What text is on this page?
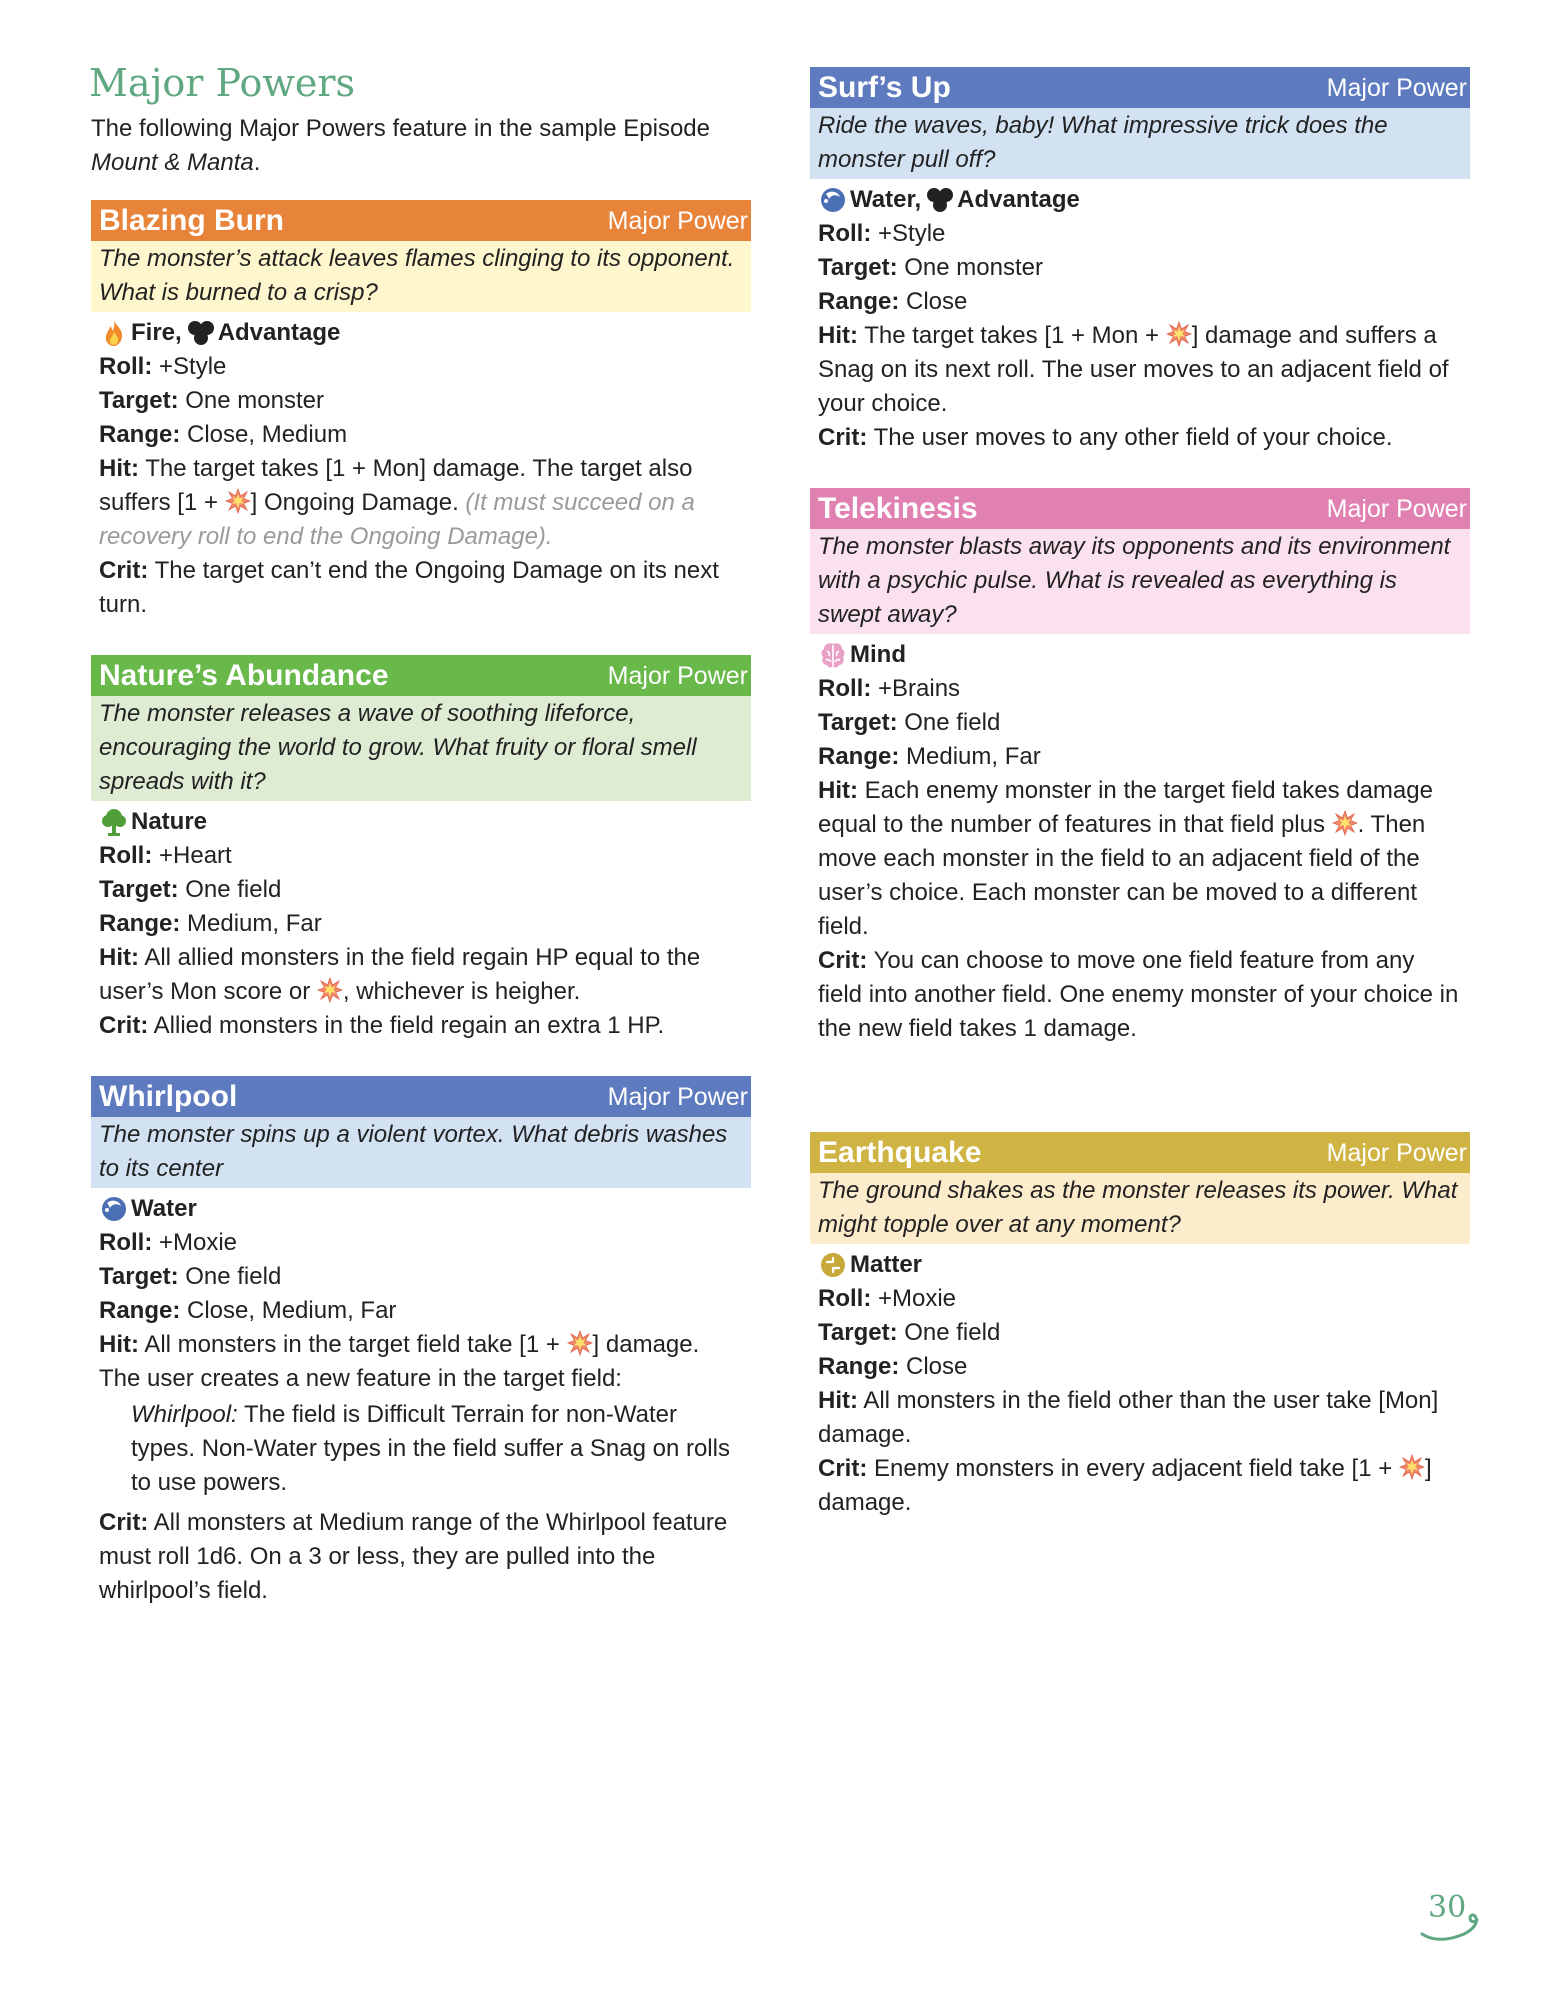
Major Powers

The following Major Powers feature in the sample Episode Mount & Manta.

Blazing Burn	Major Power
The monster’s attack leaves flames clinging to its opponent. What is burned to a crisp?
Fire, Advantage
Roll: +Style
Target: One monster
Range: Close, Medium
Hit: The target takes [1 + Mon] damage. The target also suffers [1 +
] Ongoing Damage. (It must succeed on a recovery roll to end the Ongoing Damage).
Crit: The target can’t end the Ongoing Damage on its next turn.
Nature’s Abundance	Major Power
The monster releases a wave of soothing lifeforce, encouraging the world to grow. What fruity or floral smell spreads with it?
Nature
Roll: +Heart
Target: One field
Range: Medium, Far
Hit: All allied monsters in the field regain HP equal to the user’s Mon score or
, whichever is heigher.
Crit: Allied monsters in the field regain an extra 1 HP.
Whirlpool	Major Power
The monster spins up a violent vortex. What debris washes to its center
Water
Roll: +Moxie
Target: One field
Range: Close, Medium, Far
Hit: All monsters in the target field take [1 +
] damage. The user creates a new feature in the target field:
Whirlpool: The field is Difficult Terrain for non-Water types. Non-Water types in the field suffer a Snag on rolls to use powers.
Crit: All monsters at Medium range of the Whirlpool feature must roll 1d6. On a 3 or less, they are pulled into the whirlpool’s field.
Surf’s Up	Major Power
Ride the waves, baby! What impressive trick does the monster pull off?
Water, Advantage
Roll: +Style
Target: One monster
Range: Close
Hit: The target takes [1 + Mon +
] damage and suffers a Snag on its next roll. The user moves to an adjacent field of your choice.
Crit: The user moves to any other field of your choice.
Telekinesis	Major Power
The monster blasts away its opponents and its environment with a psychic pulse. What is revealed as everything is swept away?
Mind
Roll: +Brains
Target: One field
Range: Medium, Far
Hit: Each enemy monster in the target field takes damage equal to the number of features in that field plus
. Then move each monster in the field to an adjacent field of the user’s choice. Each monster can be moved to a different field.
Crit: You can choose to move one field feature from any field into another field. One enemy monster of your choice in the new field takes 1 damage.
Earthquake	Major Power
The ground shakes as the monster releases its power. What might topple over at any moment?
Matter
Roll: +Moxie
Target: One field
Range: Close
Hit: All monsters in the field other than the user take [Mon] damage.
Crit: Enemy monsters in every adjacent field take [1 +
] damage.
30
